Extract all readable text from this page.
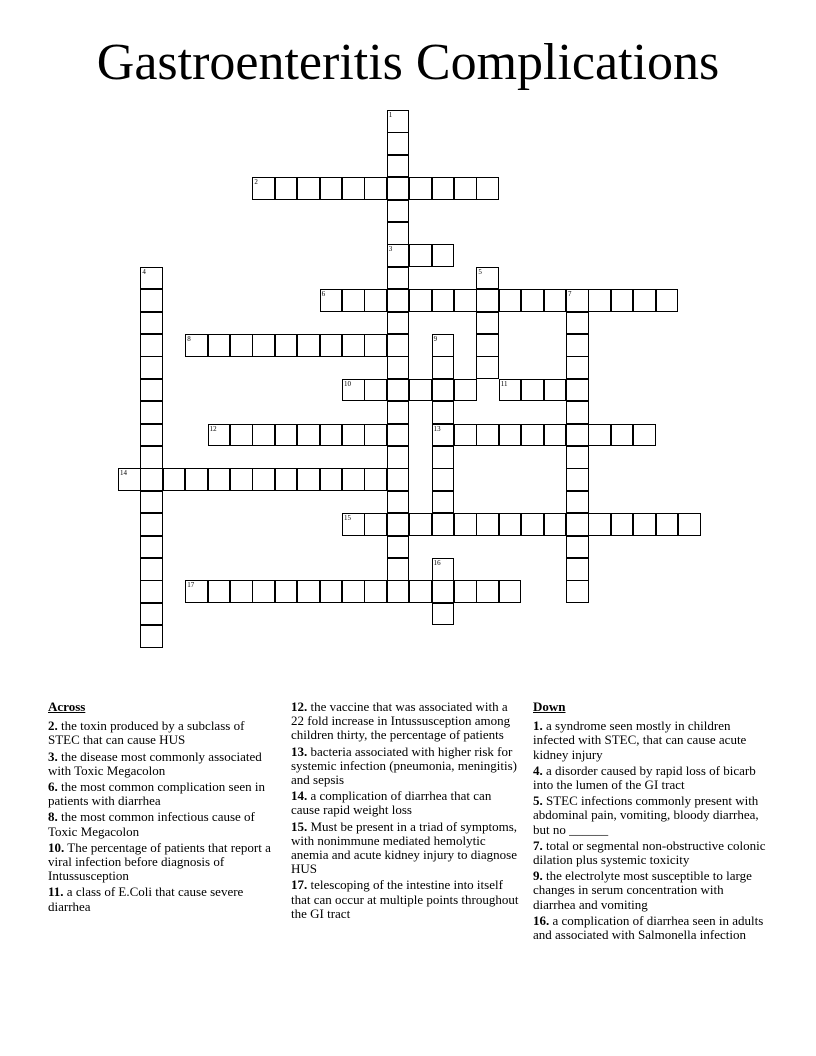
Gastroenteritis Complications
2
3
6	7
8
10	11
12	13
14
15
17
1
4	5
9
16
Across
2. the toxin produced by a subclass of STEC that can cause HUS
3. the disease most commonly associated with Toxic Megacolon
6. the most common complication seen in patients with diarrhea
8. the most common infectious cause of Toxic Megacolon
10. The percentage of patients that report a viral infection before diagnosis of Intussusception
11. a class of E.Coli that cause severe diarrhea
12. the vaccine that was associated with a 22 fold increase in Intussusception among children thirty, the percentage of patients
13. bacteria associated with higher risk for systemic infection (pneumonia, meningitis) and sepsis
14. a complication of diarrhea that can cause rapid weight loss
15. Must be present in a triad of symptoms, with nonimmune mediated hemolytic anemia and acute kidney injury to diagnose HUS
17. telescoping of the intestine into itself that can occur at multiple points throughout the GI tract
Down
1. a syndrome seen mostly in children infected with STEC, that can cause acute kidney injury
4. a disorder caused by rapid loss of bicarb into the lumen of the GI tract
5. STEC infections commonly present with abdominal pain, vomiting, bloody diarrhea, but no ______
7. total or segmental non-obstructive colonic dilation plus systemic toxicity
9. the electrolyte most susceptible to large changes in serum concentration with diarrhea and vomiting
16. a complication of diarrhea seen in adults and associated with Salmonella infection
